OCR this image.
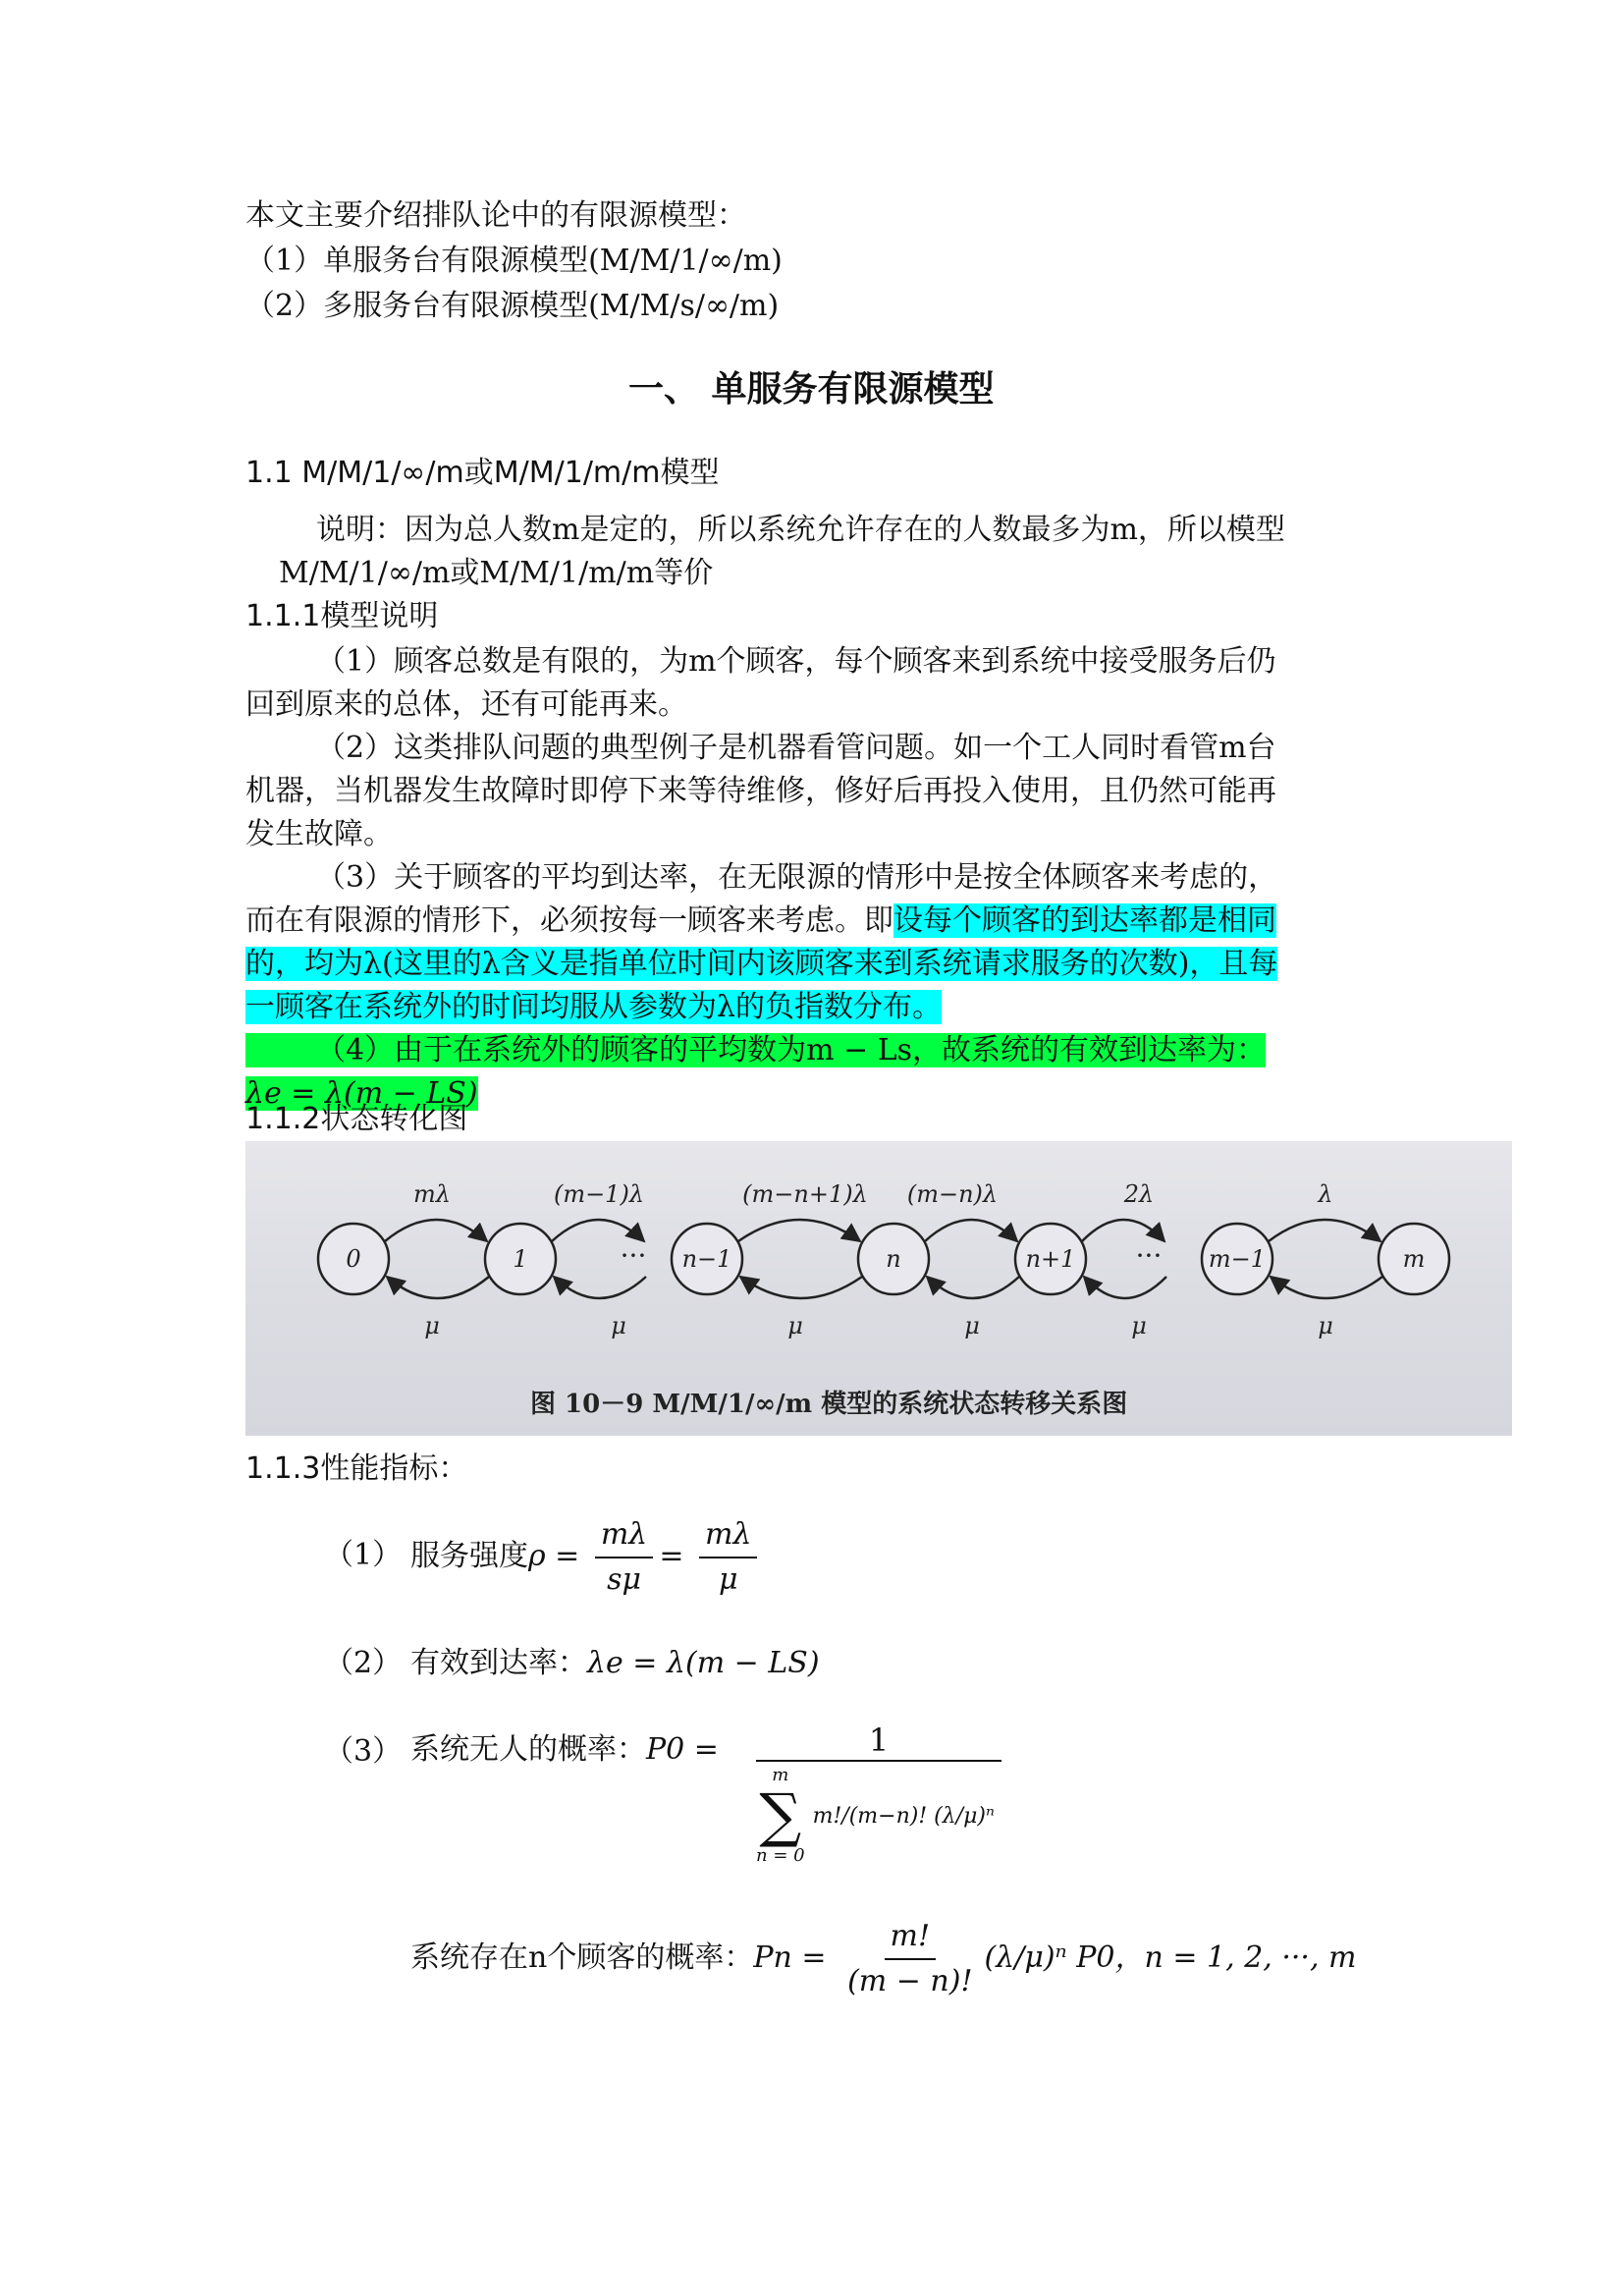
本文主要介绍排队论中的有限源模型：
（1）单服务台有限源模型(M/M/1/∞/m)
（2）多服务台有限源模型(M/M/s/∞/m)
一、 单服务有限源模型
1.1 M/M/1/∞/m或M/M/1/m/m模型
说明：因为总人数m是定的，所以系统允许存在的人数最多为m，所以模型
M/M/1/∞/m或M/M/1/m/m等价
1.1.1模型说明
（1）顾客总数是有限的，为m个顾客，每个顾客来到系统中接受服务后仍
回到原来的总体，还有可能再来。
（2）这类排队问题的典型例子是机器看管问题。如一个工人同时看管m台
机器，当机器发生故障时即停下来等待维修，修好后再投入使用，且仍然可能再
发生故障。
（3）关于顾客的平均到达率，在无限源的情形中是按全体顾客来考虑的，
而在有限源的情形下，必须按每一顾客来考虑。即设每个顾客的到达率都是相同
的，均为λ(这里的λ含义是指单位时间内该顾客来到系统请求服务的次数)，且每
一顾客在系统外的时间均服从参数为λ的负指数分布。
（4）由于在系统外的顾客的平均数为m − Ls，故系统的有效到达率为：
λe = λ(m − LS)
1.1.2状态转化图
0	1	n−1	n	n+1	m−1	m
···	···
mλ	(m−1)λ	(m−n+1)λ (m−n)λ	2λ	λ
μ	μ	μ	μ	μ	μ
图 10－9 M/M/1/∞/m 模型的系统状态转移关系图
1.1.3性能指标：
（1） 服务强度$\rho = \frac{m\lambda}{s\mu} = \frac{m\lambda}{\mu}$
（2） 有效到达率：λe = λ(m − LS)
（3） 系统无人的概率：P0 =	1
m
∑
n = 0
m!/(m−n)! (λ/μ)ⁿ
系统存在n个顾客的概率：$Pn = \frac{m!}{(m - n)!} (\lambda/\mu)^n$ P0，n = 1, 2, ···, m
